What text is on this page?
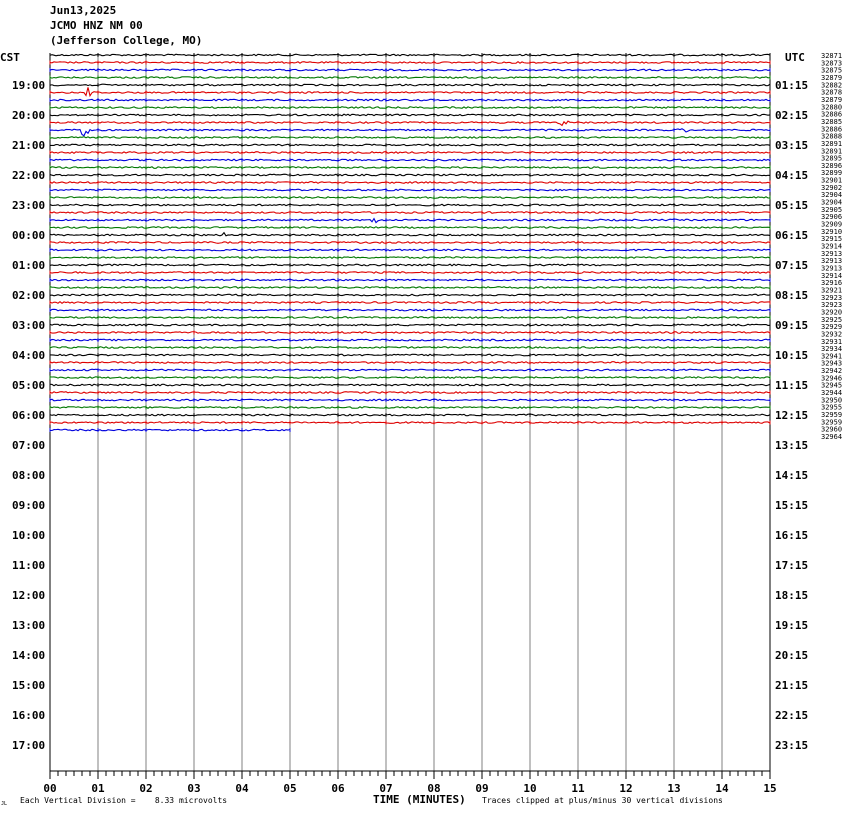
Jun13,2025
JCMO HNZ NM 00
(Jefferson College, MO)
19:00
20:00
21:00
22:00
23:00
00:00
01:00
02:00
03:00
04:00
05:00
06:00
07:00
08:00
09:00
10:00
11:00
12:00
13:00
14:00
15:00
16:00
17:00
01:15
02:15
03:15
04:15
05:15
06:15
07:15
08:15
09:15
10:15
11:15
12:15
13:15
14:15
15:15
16:15
17:15
18:15
19:15
20:15
21:15
22:15
23:15
32871
32873
32875
32879
32882
32878
32879
32880
32886
32885
32886
32888
32891
32891
32895
32896
32899
32901
32902
32904
32904
32905
32906
32909
32910
32915
32914
32913
32913
32913
32914
32916
32921
32923
32923
32920
32925
32929
32932
32931
32934
32941
32943
32942
32946
32945
32944
32950
32955
32959
32959
32960
32964
00	01	02	03	04	05	06	07	08	09	10	11	12	13	14	15
CST	UTC
TIME (MINUTES)
Each Vertical Division =    8.33 microvolts	Traces clipped at plus/minus 30 vertical divisions
JL
